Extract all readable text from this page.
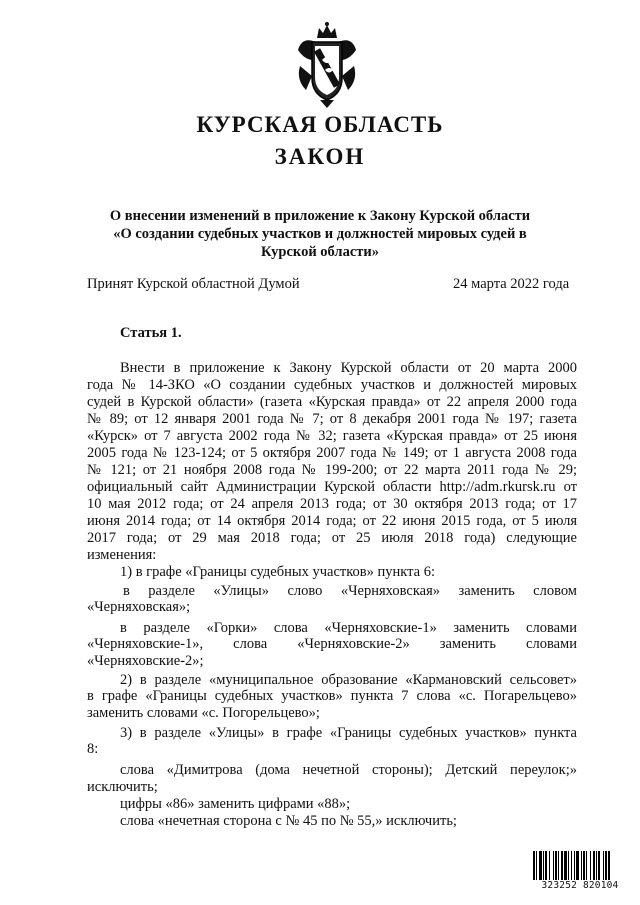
КУРСКАЯ ОБЛАСТЬ
ЗАКОН
О внесении изменений в приложение к Закону Курской области
«О создании судебных участков и должностей мировых судей в
Курской области»
Принят Курской областной Думой	24 марта 2022 года
Статья 1.
Внести в приложение к Закону Курской области от 20 марта 2000
года № 14-ЗКО «О создании судебных участков и должностей мировых
судей в Курской области» (газета «Курская правда» от 22 апреля 2000 года
№ 89; от 12 января 2001 года № 7; от 8 декабря 2001 года № 197; газета
«Курск» от 7 августа 2002 года № 32; газета «Курская правда» от 25 июня
2005 года № 123-124; от 5 октября 2007 года № 149; от 1 августа 2008 года
№ 121; от 21 ноября 2008 года № 199-200; от 22 марта 2011 года № 29;
официальный сайт Администрации Курской области http://adm.rkursk.ru от
10 мая 2012 года; от 24 апреля 2013 года; от 30 октября 2013 года; от 17
июня 2014 года; от 14 октября 2014 года; от 22 июня 2015 года, от 5 июля
2017 года; от 29 мая 2018 года; от 25 июля 2018 года) следующие
изменения:
1) в графе «Границы судебных участков» пункта 6:
в разделе «Улицы» слово «Черняховская» заменить словом
«Черняховская»;
в разделе «Горки» слова «Черняховские-1» заменить словами
«Черняховские-1», слова «Черняховские-2» заменить словами
«Черняховские-2»;
2) в разделе «муниципальное образование «Кармановский сельсовет»
в графе «Границы судебных участков» пункта 7 слова «с. Погарельцево»
заменить словами «с. Погорельцево»;
3) в разделе «Улицы» в графе «Границы судебных участков» пункта
8:
слова «Димитрова (дома нечетной стороны); Детский переулок;»
исключить;
цифры «86» заменить цифрами «88»;
слова «нечетная сторона с № 45 по № 55,» исключить;
323252 820104
